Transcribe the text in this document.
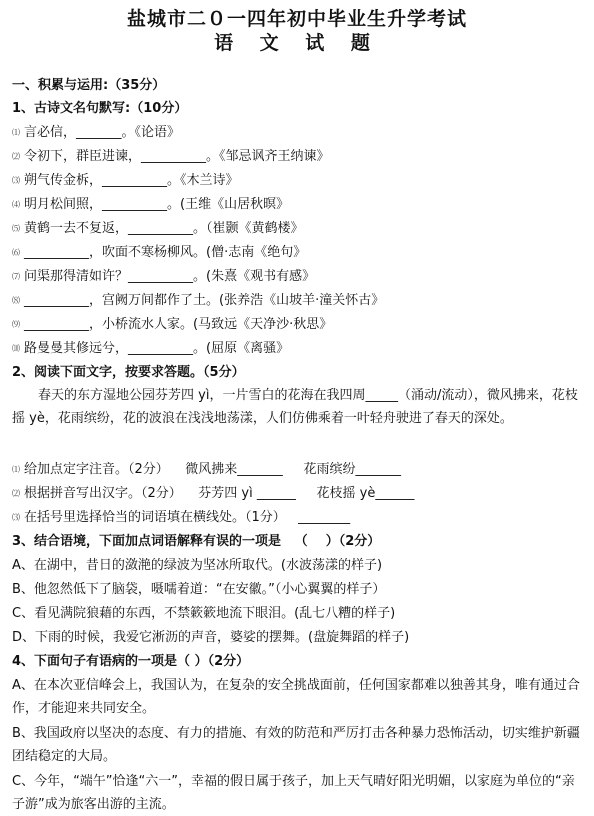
盐城市二０一四年初中毕业生升学考试
语 文 试 题
一、积累与运用:（35分）
1、古诗文名句默写:（10分）
⑴ 言必信，_______。《论语》
⑵ 令初下，群臣进谏，__________。《邹忌讽齐王纳谏》
⑶ 朔气传金柝，__________。《木兰诗》
⑷ 明月松间照，__________。(王维《山居秋暝》
⑸ 黄鹤一去不复返，__________。（崔颢《黄鹤楼》
⑹ __________，吹面不寒杨柳风。(僧·志南《绝句》
⑺ 问渠那得清如许？__________。(朱熹《观书有感》
⑻ __________，宫阙万间都作了土。(张养浩《山坡羊·潼关怀古》
⑼ __________，小桥流水人家。(马致远《天净沙·秋思》
⑽ 路曼曼其修远兮，__________。(屈原《离骚》
2、阅读下面文字，按要求答题。（5分）
春天的东方湿地公园芬芳四 yì，一片雪白的花海在我四周_____（涌动/流动），微风拂来，花枝摇 yè，花雨缤纷，花的波浪在浅浅地荡漾，人们仿佛乘着一叶轻舟驶进了春天的深处。
⑴ 给加点定字注音。（2分）    微风拂来_______     花雨缤纷_______
⑵ 根据拼音写出汉字。（2分）    芬芳四 yì ______     花枝摇 yè______
⑶ 在括号里选择恰当的词语填在横线处。（1分）   ________
3、结合语境，下面加点词语解释有误的一项是   （    ）（2分）
A、在湖中，昔日的潋滟的绿波为坚冰所取代。(水波荡漾的样子)
B、他忽然低下了脑袋，嗫嚅着道：“在安徽。”（小心翼翼的样子）
C、看见满院狼藉的东西，不禁簌簌地流下眼泪。(乱七八糟的样子)
D、下雨的时候，我爱它淅沥的声音，婆娑的摆舞。(盘旋舞蹈的样子)
4、下面句子有语病的一项是（ ）（2分）
A、在本次亚信峰会上，我国认为，在复杂的安全挑战面前，任何国家都难以独善其身，唯有通过合作，才能迎来共同安全。
B、我国政府以坚决的态度、有力的措施、有效的防范和严厉打击各种暴力恐怖活动，切实维护新疆团结稳定的大局。
C、今年，“端午”恰逢“六一”，幸福的假日属于孩子，加上天气晴好阳光明媚，以家庭为单位的“亲子游”成为旅客出游的主流。
